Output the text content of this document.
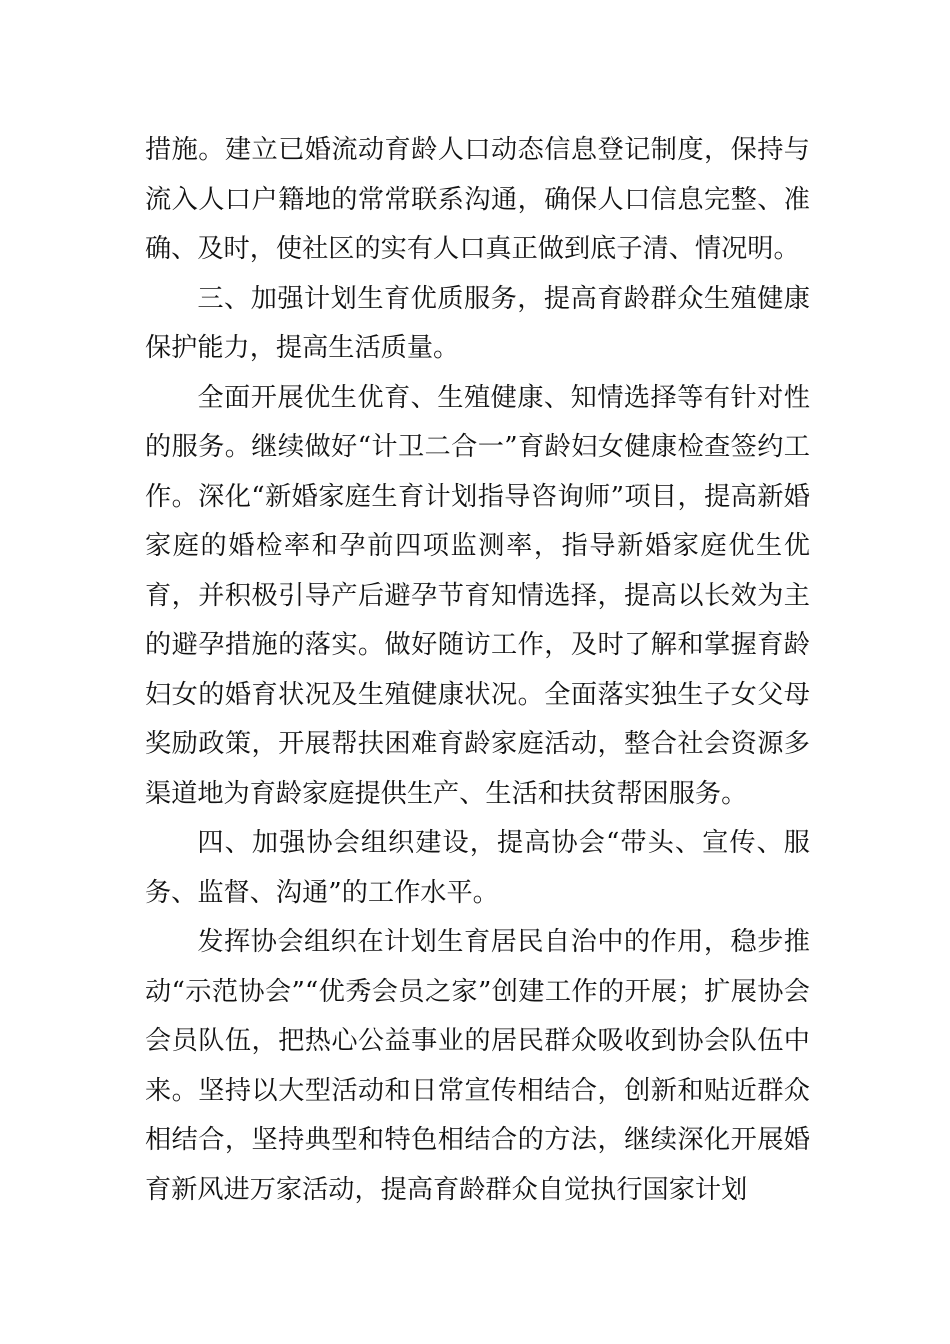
措施。建立已婚流动育龄人口动态信息登记制度，保持与流入人口户籍地的常常联系沟通，确保人口信息完整、准确、及时，使社区的实有人口真正做到底子清、情况明。

三、加强计划生育优质服务，提高育龄群众生殖健康保护能力，提高生活质量。

全面开展优生优育、生殖健康、知情选择等有针对性的服务。继续做好“计卫二合一”育龄妇女健康检查签约工作。深化“新婚家庭生育计划指导咨询师”项目，提高新婚家庭的婚检率和孕前四项监测率，指导新婚家庭优生优育，并积极引导产后避孕节育知情选择，提高以长效为主的避孕措施的落实。做好随访工作，及时了解和掌握育龄妇女的婚育状况及生殖健康状况。全面落实独生子女父母奖励政策，开展帮扶困难育龄家庭活动，整合社会资源多渠道地为育龄家庭提供生产、生活和扶贫帮困服务。

四、加强协会组织建设，提高协会“带头、宣传、服务、监督、沟通”的工作水平。

发挥协会组织在计划生育居民自治中的作用，稳步推动“示范协会”“优秀会员之家”创建工作的开展；扩展协会会员队伍，把热心公益事业的居民群众吸收到协会队伍中来。坚持以大型活动和日常宣传相结合，创新和贴近群众相结合，坚持典型和特色相结合的方法，继续深化开展婚育新风进万家活动，提高育龄群众自觉执行国家计划
